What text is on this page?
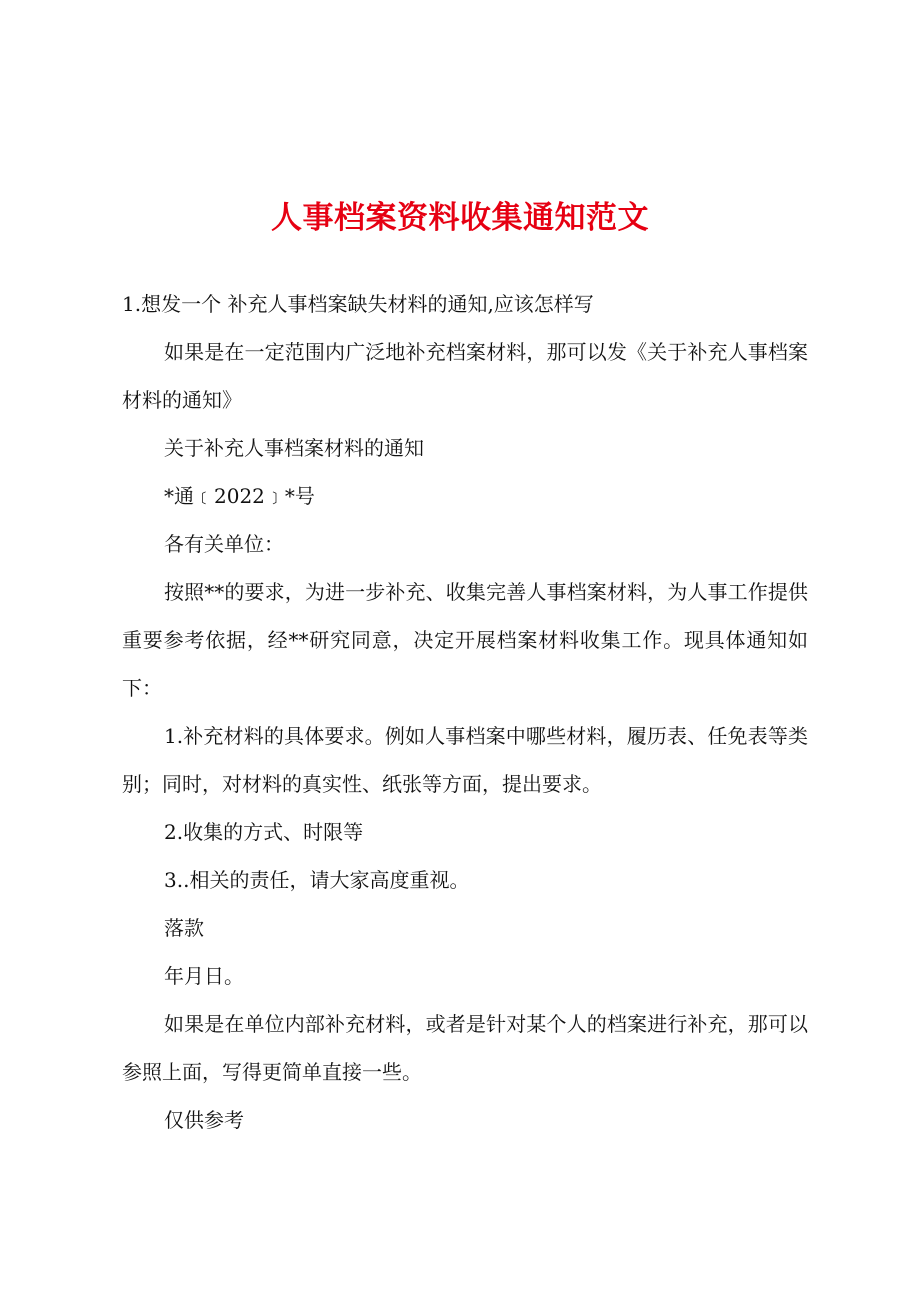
人事档案资料收集通知范文

1.想发一个 补充人事档案缺失材料的通知,应该怎样写

如果是在一定范围内广泛地补充档案材料，那可以发《关于补充人事档案材料的通知》

关于补充人事档案材料的通知

*通﹝2022﹞*号

各有关单位：

按照**的要求，为进一步补充、收集完善人事档案材料，为人事工作提供重要参考依据，经**研究同意，决定开展档案材料收集工作。现具体通知如下：

1.补充材料的具体要求。例如人事档案中哪些材料，履历表、任免表等类别；同时，对材料的真实性、纸张等方面，提出要求。

2.收集的方式、时限等

3..相关的责任，请大家高度重视。

落款

年月日。

如果是在单位内部补充材料，或者是针对某个人的档案进行补充，那可以参照上面，写得更简单直接一些。

仅供参考
